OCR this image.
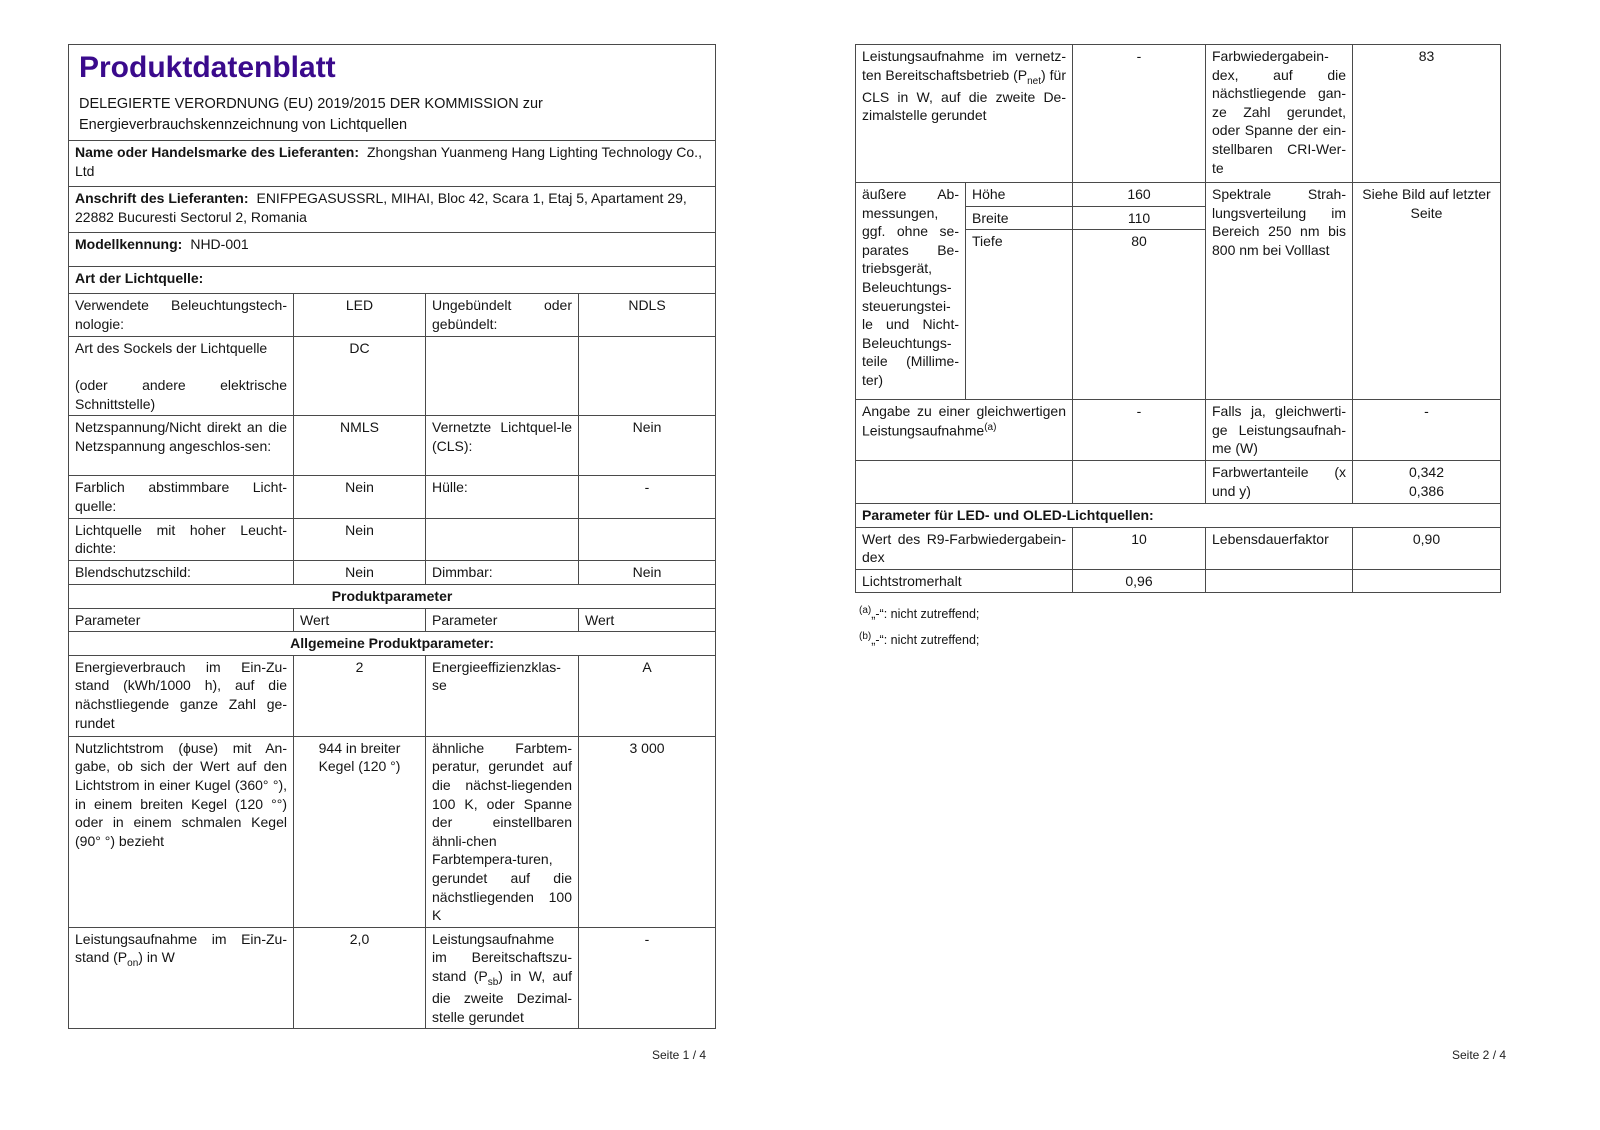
Produktdatenblatt
DELEGIERTE VERORDNUNG (EU) 2019/2015 DER KOMMISSION zur Energieverbrauchskennzeichnung von Lichtquellen			

Name oder Handelsmarke des Lieferanten: Zhongshan Yuanmeng Hang Lighting Technology Co., Ltd			
Anschrift des Lieferanten: ENIFPEGASUSSRL, MIHAI, Bloc 42, Scara 1, Etaj 5, Apartament 29, 22882 Bucuresti Sectorul 2, Romania			
Modellkennung: NHD-001			
Art der Lichtquelle:			
Verwendete Beleuchtungstech-nologie:	LED	Ungebündelt oder gebündelt:	NDLS
Art des Sockels der Lichtquelle

(oder andere elektrische Schnittstelle)	DC		
Netzspannung/Nicht direkt an die Netzspannung angeschlos-sen:	NMLS	Vernetzte Lichtquel-le (CLS):	Nein
Farblich abstimmbare Licht-quelle:	Nein	Hülle:	-
Lichtquelle mit hoher Leucht-dichte:	Nein		
Blendschutzschild:	Nein	Dimmbar:	Nein
Produktparameter			
Parameter	Wert	Parameter	Wert
Allgemeine Produktparameter:			
Energieverbrauch im Ein-Zu-stand (kWh/1000 h), auf die nächstliegende ganze Zahl ge-rundet	2	Energieeffizienzklas-se	A
Nutzlichtstrom (ϕuse) mit An-gabe, ob sich der Wert auf den Lichtstrom in einer Kugel (360° °), in einem breiten Kegel (120 °°) oder in einem schmalen Kegel (90° °) bezieht	944 in breiter Kegel (120 °)	ähnliche Farbtem-peratur, gerundet auf die nächst-liegenden 100 K, oder Spanne der einstellbaren ähnli-chen Farbtempera-turen, gerundet auf die nächstliegenden 100 K	3 000
Leistungsaufnahme im Ein-Zu-stand $(P_{on})$ in W	2,0	Leistungsaufnahme im Bereitschaftszu-stand $(P_{sb})$ in W, auf die zweite Dezimal-stelle gerundet	-
Leistungsaufnahme im vernetz-ten Bereitschaftsbetrieb $(P_{net})$ für CLS in W, auf die zweite De-zimalstelle gerundet		-	Farbwiedergabein-dex, auf die nächstliegende gan-ze Zahl gerundet, oder Spanne der ein-stellbaren CRI-Wer-te	83
äußere Ab-messungen, ggf. ohne se-parates Be-triebsgerät, Beleuchtungs-steuerungstei-le und Nicht-Beleuchtungs-teile (Millime-ter)	Höhe	160	Spektrale Strah-lungsverteilung im Bereich 250 nm bis 800 nm bei Volllast	Siehe Bild auf letzter Seite
	Breite	110		
	Tiefe	80		
Angabe zu einer gleichwertigen Leistungsaufnahme$^{(a)}$		-	Falls ja, gleichwerti-ge Leistungsaufnah-me (W)	-
			Farbwertanteile (x und y)	0,342
0,386
Parameter für LED- und OLED-Lichtquellen:				
Wert des R9-Farbwiedergabein-dex		10	Lebensdauerfaktor	0,90
Lichtstromerhalt		0,96		
$^{(a)}$„-“: nicht zutreffend;
$^{(b)}$„-“: nicht zutreffend;
Seite 1 / 4	Seite 2 / 4
